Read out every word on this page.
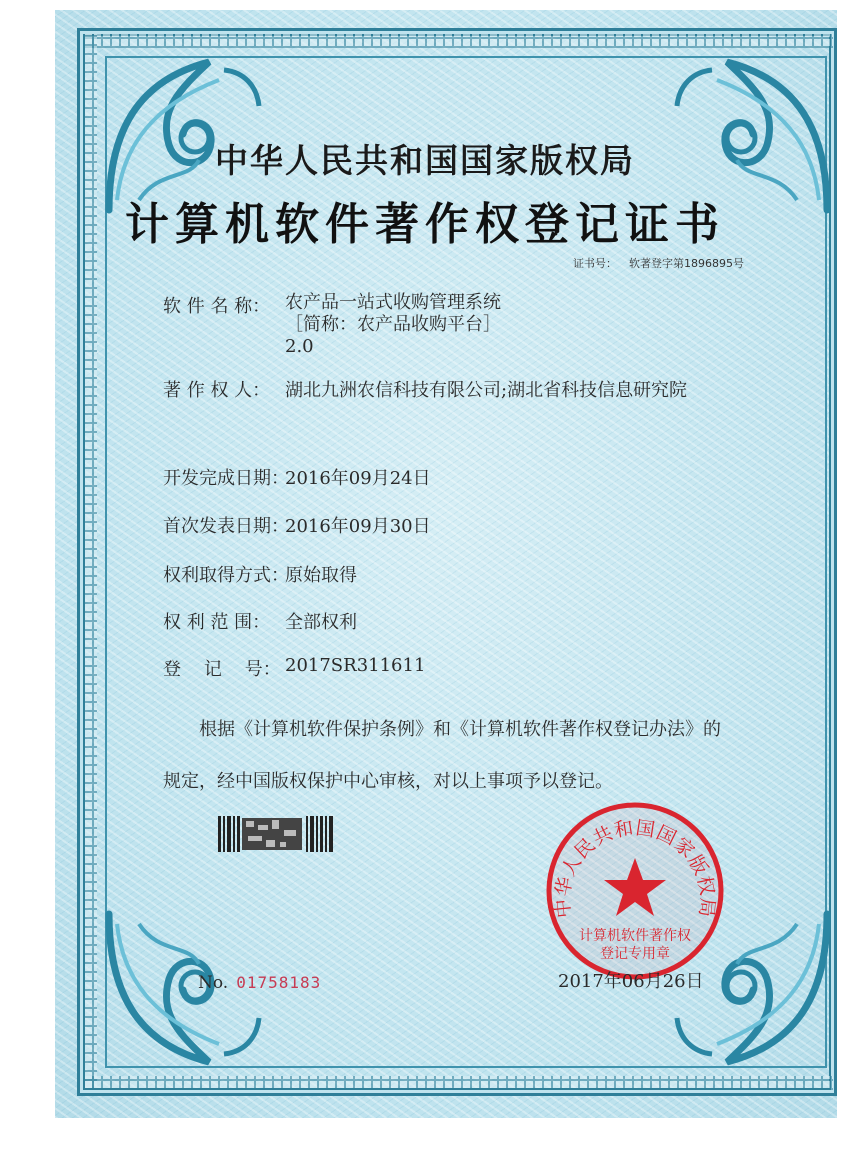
中华人民共和国国家版权局
计算机软件著作权登记证书
证书号： 软著登字第1896895号
软 件 名 称： 农产品一站式收购管理系统
［简称：农产品收购平台］
2.0
著 作 权 人： 湖北九洲农信科技有限公司;湖北省科技信息研究院
开发完成日期：2016年09月24日
首次发表日期：2016年09月30日
权利取得方式：原始取得
权 利 范 围： 全部权利
登    记    号： 2017SR311611
　　根据《计算机软件保护条例》和《计算机软件著作权登记办法》的
规定，经中国版权保护中心审核，对以上事项予以登记。
No. 01758183
中华人民共和国国家版权局
计算机软件著作权
登记专用章
2017年06月26日
